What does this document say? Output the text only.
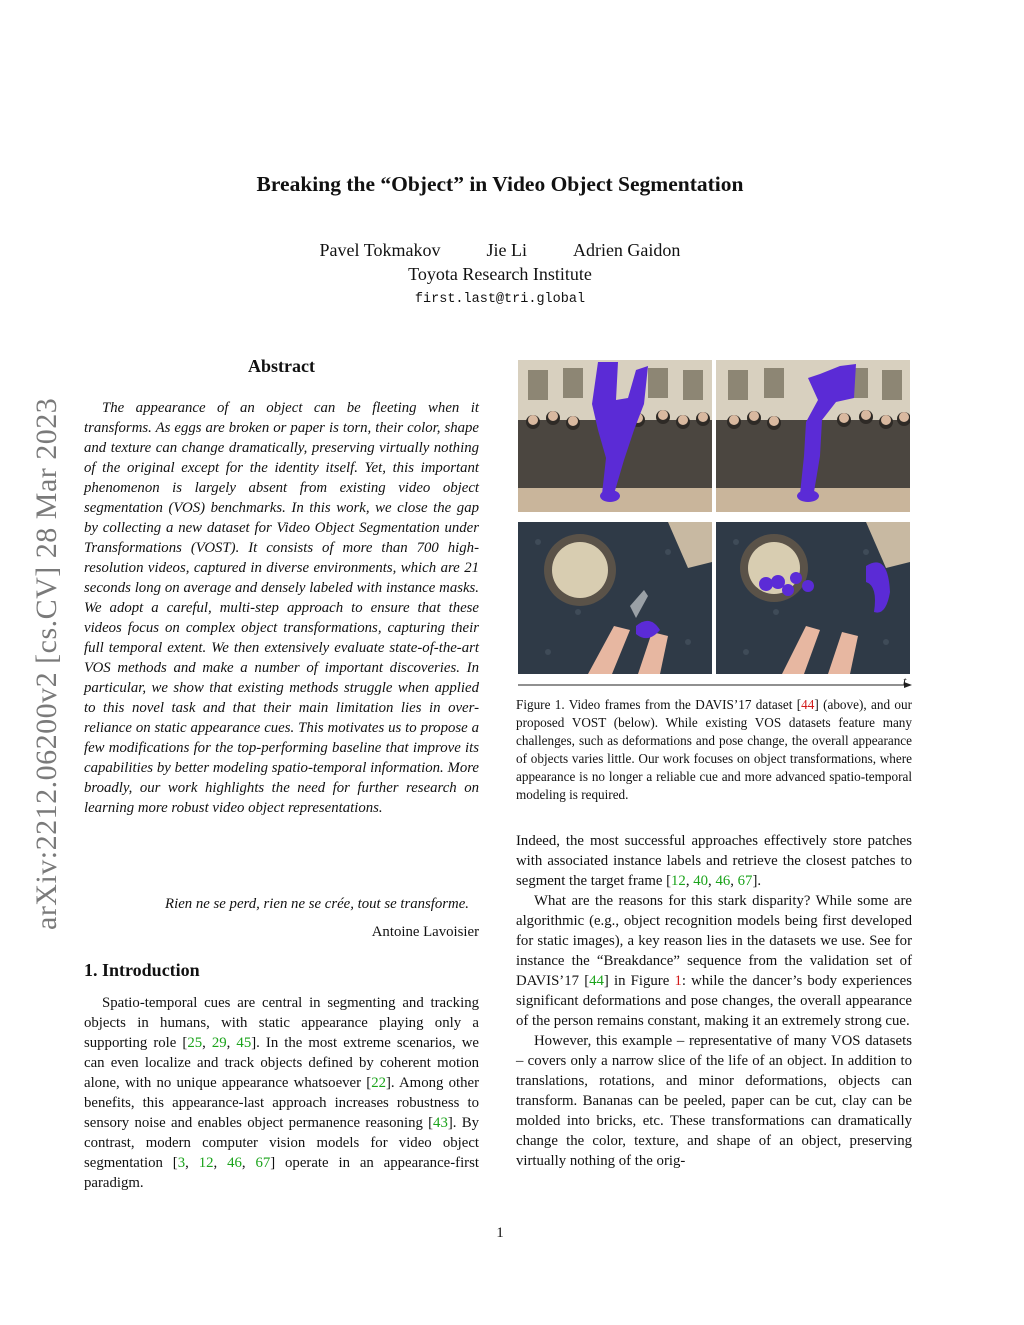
arXiv:2212.06200v2 [cs.CV] 28 Mar 2023
Breaking the “Object” in Video Object Segmentation
Pavel Tokmakov	Jie Li	Adrien Gaidon
Toyota Research Institute
first.last@tri.global
Abstract
The appearance of an object can be fleeting when it transforms. As eggs are broken or paper is torn, their color, shape and texture can change dramatically, preserving virtually nothing of the original except for the identity itself. Yet, this important phenomenon is largely absent from existing video object segmentation (VOS) benchmarks. In this work, we close the gap by collecting a new dataset for Video Object Segmentation under Transformations (VOST). It consists of more than 700 high-resolution videos, captured in diverse environments, which are 21 seconds long on average and densely labeled with instance masks. We adopt a careful, multi-step approach to ensure that these videos focus on complex object transformations, capturing their full temporal extent. We then extensively evaluate state-of-the-art VOS methods and make a number of important discoveries. In particular, we show that existing methods struggle when applied to this novel task and that their main limitation lies in over-reliance on static appearance cues. This motivates us to propose a few modifications for the top-performing baseline that improve its capabilities by better modeling spatio-temporal information. More broadly, our work highlights the need for further research on learning more robust video object representations.
Rien ne se perd, rien ne se crée, tout se transforme.
Antoine Lavoisier
1. Introduction
Spatio-temporal cues are central in segmenting and tracking objects in humans, with static appearance playing only a supporting role [25, 29, 45]. In the most extreme scenarios, we can even localize and track objects defined by coherent motion alone, with no unique appearance whatsoever [22]. Among other benefits, this appearance-last approach increases robustness to sensory noise and enables object permanence reasoning [43]. By contrast, modern computer vision models for video object segmentation [3, 12, 46, 67] operate in an appearance-first paradigm.
t
Figure 1. Video frames from the DAVIS’17 dataset [44] (above), and our proposed VOST (below). While existing VOS datasets feature many challenges, such as deformations and pose change, the overall appearance of objects varies little. Our work focuses on object transformations, where appearance is no longer a reliable cue and more advanced spatio-temporal modeling is required.

Indeed, the most successful approaches effectively store patches with associated instance labels and retrieve the closest patches to segment the target frame [12, 40, 46, 67].

What are the reasons for this stark disparity? While some are algorithmic (e.g., object recognition models being first developed for static images), a key reason lies in the datasets we use. See for instance the “Breakdance” sequence from the validation set of DAVIS’17 [44] in Figure 1: while the dancer’s body experiences significant deformations and pose changes, the overall appearance of the person remains constant, making it an extremely strong cue.

However, this example – representative of many VOS datasets – covers only a narrow slice of the life of an object. In addition to translations, rotations, and minor deformations, objects can transform. Bananas can be peeled, paper can be cut, clay can be molded into bricks, etc. These transformations can dramatically change the color, texture, and shape of an object, preserving virtually nothing of the orig-

1
